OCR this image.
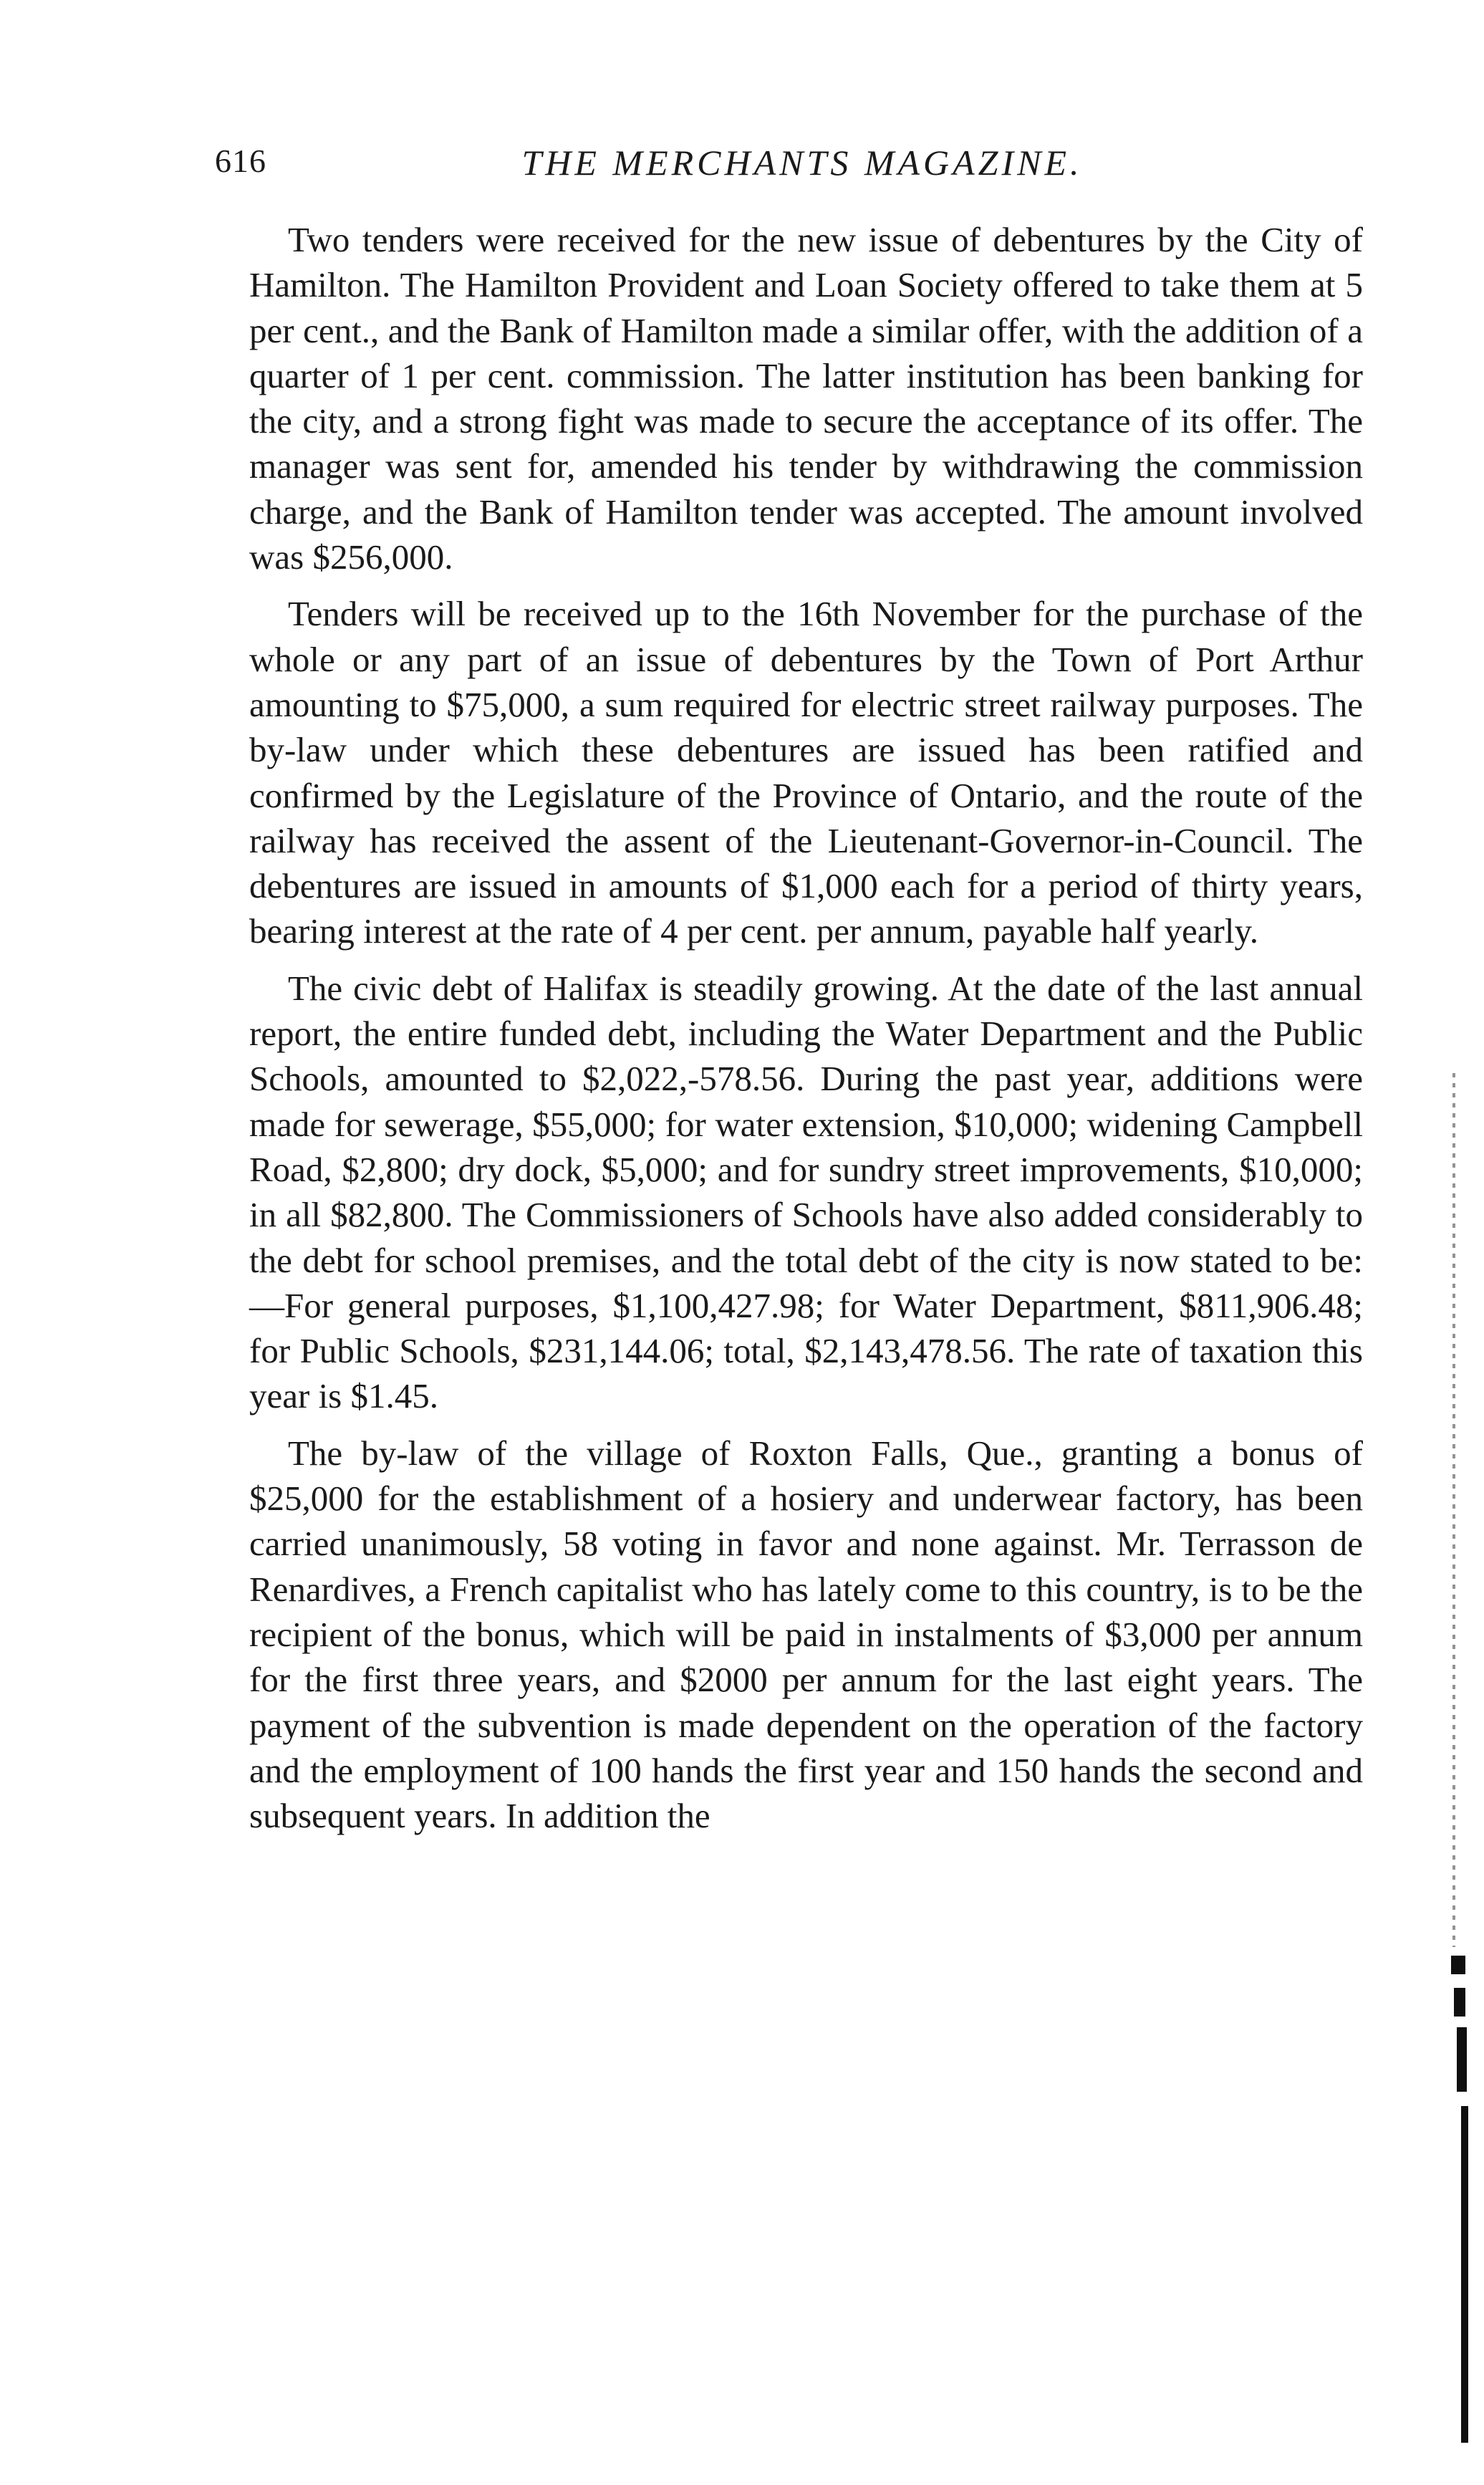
616	THE MERCHANTS MAGAZINE.

Two tenders were received for the new issue of debentures by the City of Hamilton. The Hamilton Provident and Loan Society offered to take them at 5 per cent., and the Bank of Hamilton made a similar offer, with the addition of a quarter of 1 per cent. commission. The latter institution has been banking for the city, and a strong fight was made to secure the acceptance of its offer. The manager was sent for, amended his tender by withdrawing the commission charge, and the Bank of Hamilton tender was accepted. The amount involved was $256,000.

Tenders will be received up to the 16th November for the purchase of the whole or any part of an issue of debentures by the Town of Port Arthur amounting to $75,000, a sum required for electric street railway purposes. The by-law under which these debentures are issued has been ratified and confirmed by the Legislature of the Province of Ontario, and the route of the railway has received the assent of the Lieutenant-Governor-in-Council. The debentures are issued in amounts of $1,000 each for a period of thirty years, bearing interest at the rate of 4 per cent. per annum, payable half yearly.

The civic debt of Halifax is steadily growing. At the date of the last annual report, the entire funded debt, including the Water Department and the Public Schools, amounted to $2,022,-578.56. During the past year, additions were made for sewerage, $55,000; for water extension, $10,000; widening Campbell Road, $2,800; dry dock, $5,000; and for sundry street improvements, $10,000; in all $82,800. The Commissioners of Schools have also added considerably to the debt for school premises, and the total debt of the city is now stated to be:—For general purposes, $1,100,427.98; for Water Department, $811,906.48; for Public Schools, $231,144.06; total, $2,143,478.56. The rate of taxation this year is $1.45.

The by-law of the village of Roxton Falls, Que., granting a bonus of $25,000 for the establishment of a hosiery and underwear factory, has been carried unanimously, 58 voting in favor and none against. Mr. Terrasson de Renardives, a French capitalist who has lately come to this country, is to be the recipient of the bonus, which will be paid in instalments of $3,000 per annum for the first three years, and $2000 per annum for the last eight years. The payment of the subvention is made dependent on the operation of the factory and the employment of 100 hands the first year and 150 hands the second and subsequent years. In addition the
